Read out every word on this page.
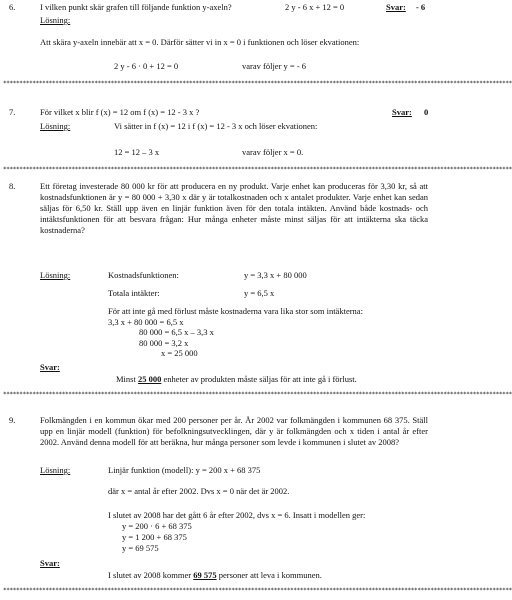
6.	I vilken punkt skär grafen till följande funktion y-axeln?	2 y - 6 x + 12 = 0	Svar: - 6
Lösning:
Att skära y-axeln innebär att x = 0. Därför sätter vi in x = 0 i funktionen och löser ekvationen:
2 y - 6 · 0 + 12 = 0	varav följer y = - 6
************************************************************************************************************************************************************
7.	För vilket x blir f (x) = 12 om f (x) = 12 - 3 x ?	Svar: 0
Lösning:	Vi sätter in f (x) = 12 i f (x) = 12 - 3 x och löser ekvationen:
12 = 12 – 3 x	varav följer x = 0.
************************************************************************************************************************************************************
8.	Ett företag investerade 80 000 kr för att producera en ny produkt. Varje enhet kan produceras för 3,30 kr, så att kostnadsfunktionen är y = 80 000 + 3,30 x där y är totalkostnaden och x antalet produkter. Varje enhet kan sedan säljas för 6,50 kr. Ställ upp även en linjär funktion även för den totala intäkten. Använd både kostnads- och intäktsfunktionen för att besvara frågan: Hur många enheter måste minst säljas för att intäkterna ska täcka kostnaderna?
Lösning:	Kostnadsfunktionen:	y = 3,3 x + 80 000
Totala intäkter:	y = 6,5 x
För att inte gå med förlust måste kostnaderna vara lika stor som intäkterna:
3,3 x + 80 000 = 6,5 x
80 000 = 6,5 x – 3,3 x
80 000 = 3,2 x
x = 25 000
Svar:
Minst 25 000 enheter av produkten måste säljas för att inte gå i förlust.
************************************************************************************************************************************************************
9.	Folkmängden i en kommun ökar med 200 personer per år. År 2002 var folkmängden i kommunen 68 375. Ställ upp en linjär modell (funktion) för befolkningsutvecklingen, där y är folkmängden och x tiden i antal år efter 2002. Använd denna modell för att beräkna, hur många personer som levde i kommunen i slutet av 2008?
Lösning:	Linjär funktion (modell): y = 200 x + 68 375
där x = antal år efter 2002. Dvs x = 0 när det är 2002.
I slutet av 2008 har det gått 6 år efter 2002, dvs x = 6. Insatt i modellen ger:
y = 200 · 6 + 68 375
y = 1 200 + 68 375
y = 69 575
Svar:
I slutet av 2008 kommer 69 575 personer att leva i kommunen.
************************************************************************************************************************************************************
